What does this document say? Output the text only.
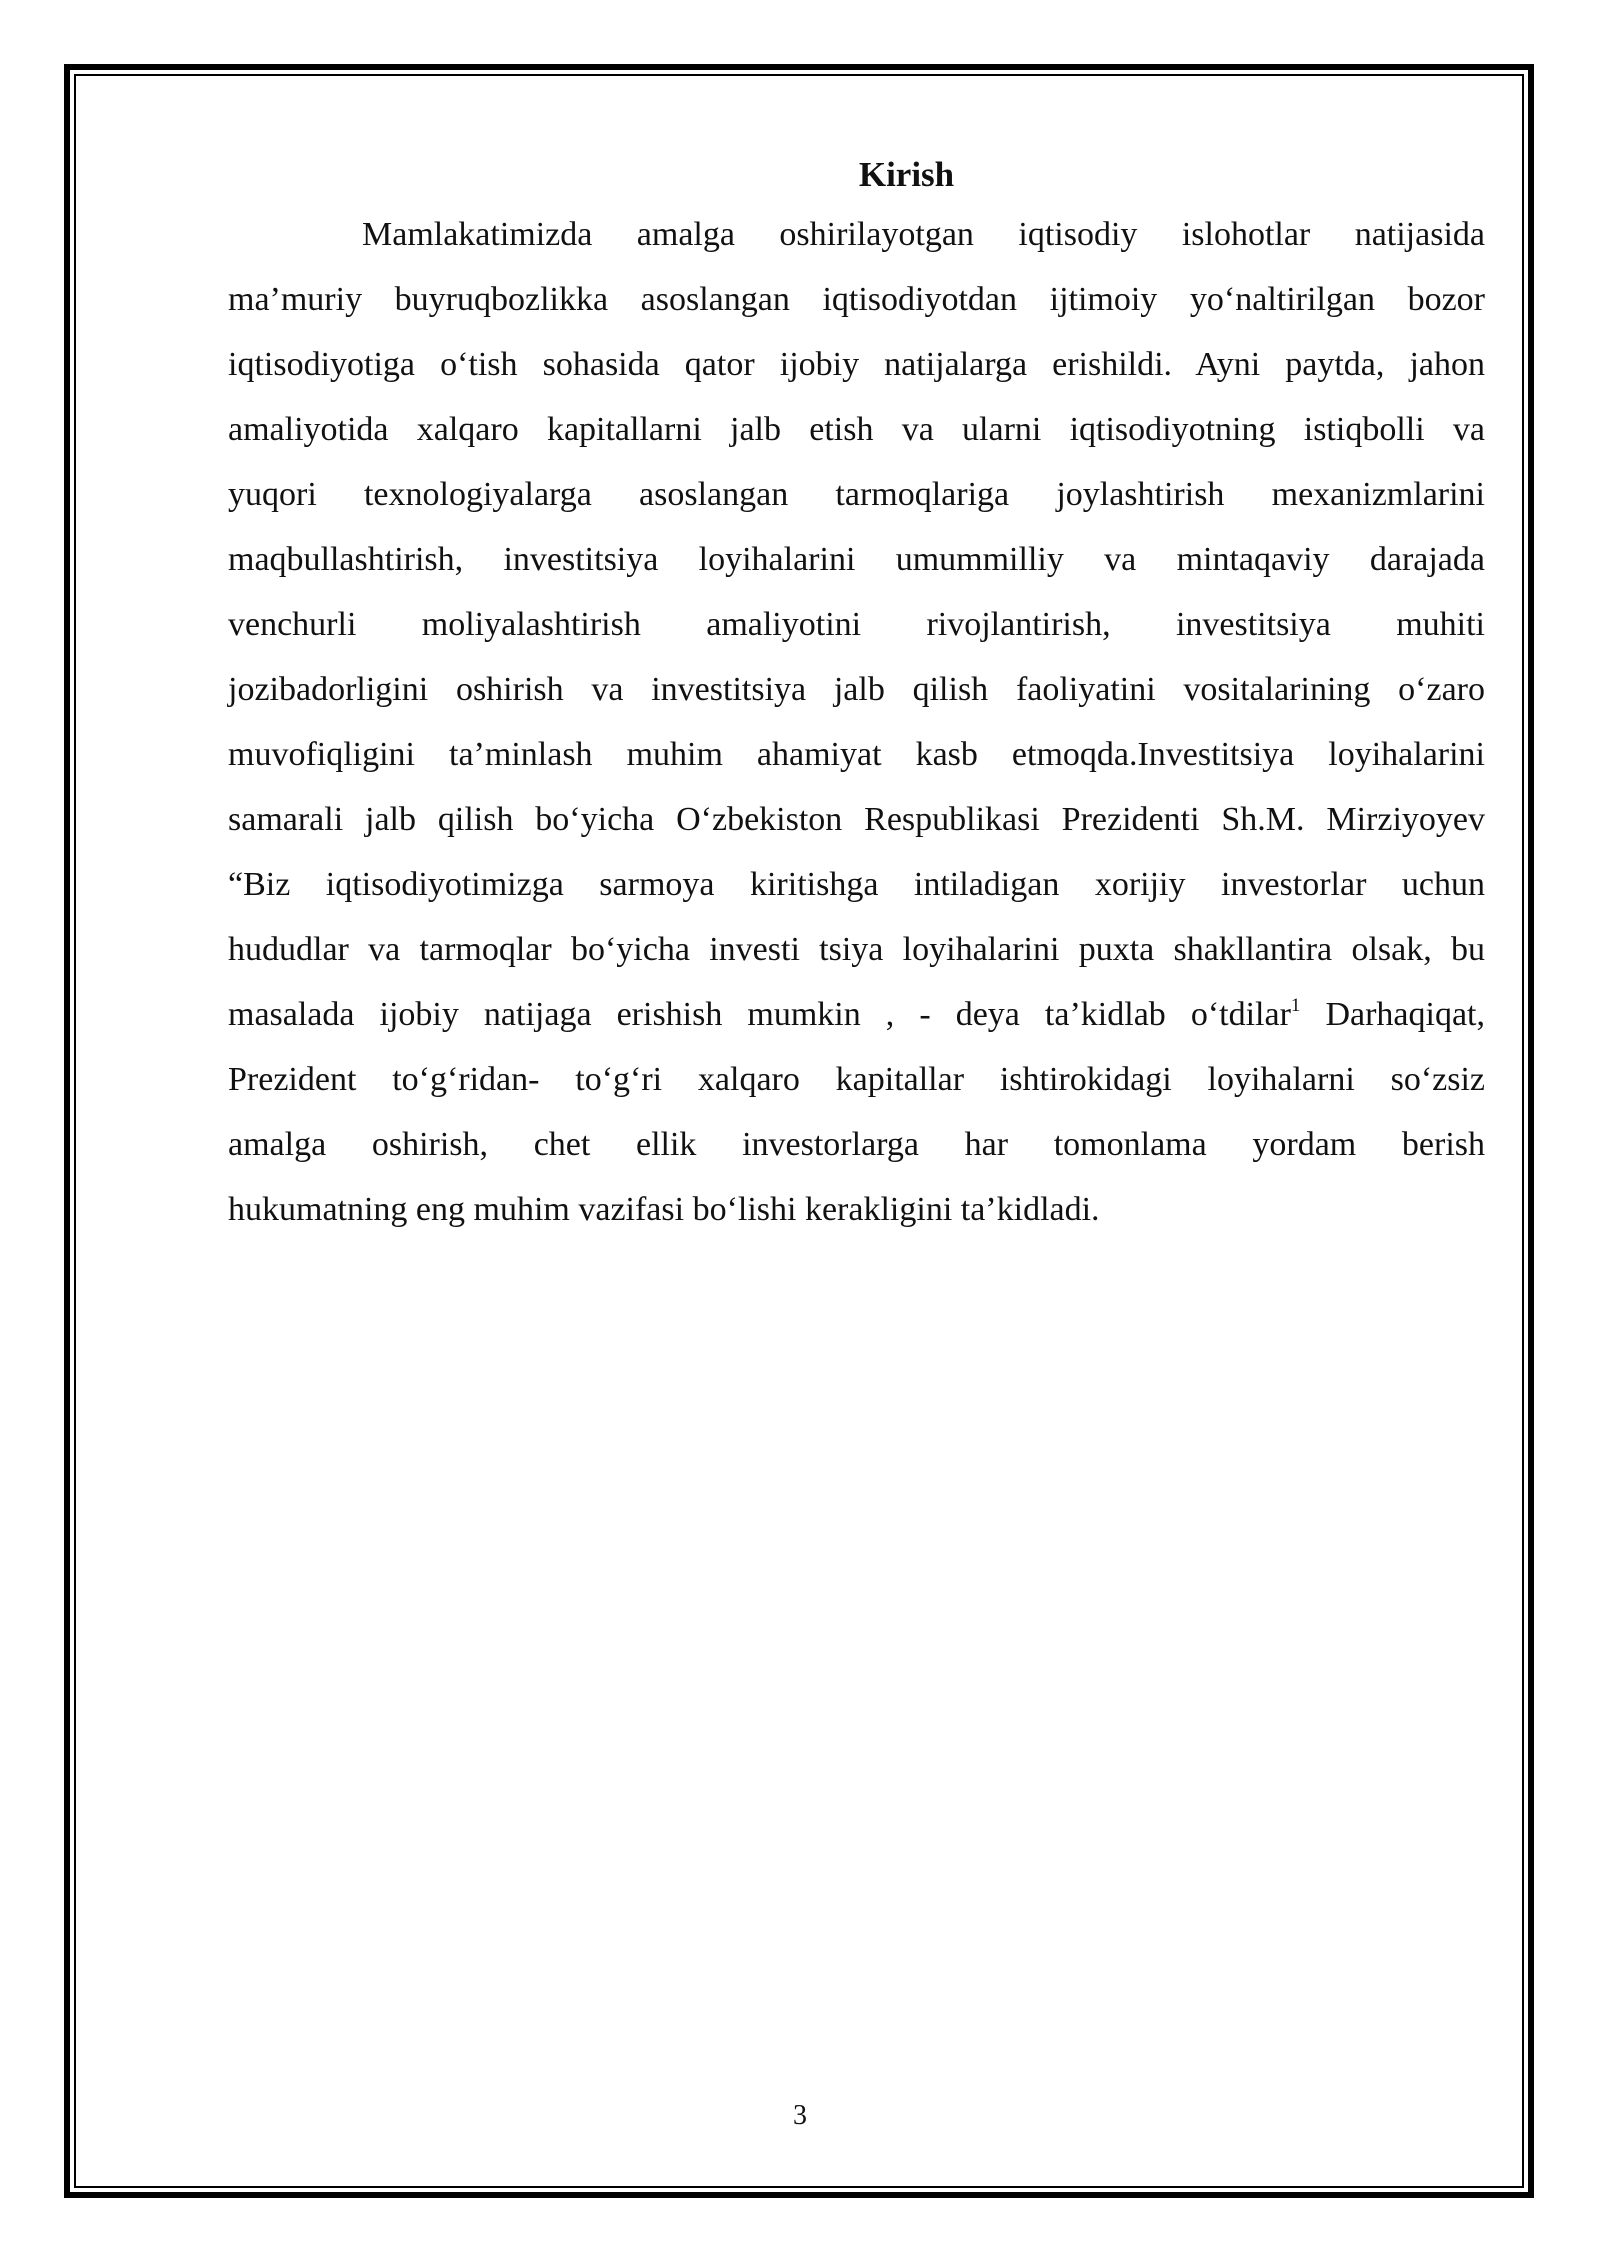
Kirish
Mamlakatimizda amalga oshirilayotgan iqtisodiy islohotlar natijasida
ma’muriy buyruqbozlikka asoslangan iqtisodiyotdan ijtimoiy yo‘naltirilgan bozor
iqtisodiyotiga o‘tish sohasida qator ijobiy natijalarga erishildi. Ayni paytda, jahon
amaliyotida xalqaro kapitallarni jalb etish va ularni iqtisodiyotning istiqbolli va
yuqori texnologiyalarga asoslangan tarmoqlariga joylashtirish mexanizmlarini
maqbullashtirish, investitsiya loyihalarini umummilliy va mintaqaviy darajada
venchurli moliyalashtirish amaliyotini rivojlantirish, investitsiya muhiti
jozibadorligini oshirish va investitsiya jalb qilish faoliyatini vositalarining o‘zaro
muvofiqligini ta’minlash muhim ahamiyat kasb etmoqda.Investitsiya loyihalarini
samarali jalb qilish bo‘yicha O‘zbekiston Respublikasi Prezidenti Sh.M. Mirziyoyev
“Biz iqtisodiyotimizga sarmoya kiritishga intiladigan xorijiy investorlar uchun
hududlar va tarmoqlar bo‘yicha investi tsiya loyihalarini puxta shakllantira olsak, bu
masalada ijobiy natijaga erishish mumkin , - deya ta’kidlab o‘tdilar$^1$ Darhaqiqat,
Prezident to‘g‘ridan- to‘g‘ri xalqaro kapitallar ishtirokidagi loyihalarni so‘zsiz
amalga oshirish, chet ellik investorlarga har tomonlama yordam berish
hukumatning eng muhim vazifasi bo‘lishi kerakligini ta’kidladi.
3
